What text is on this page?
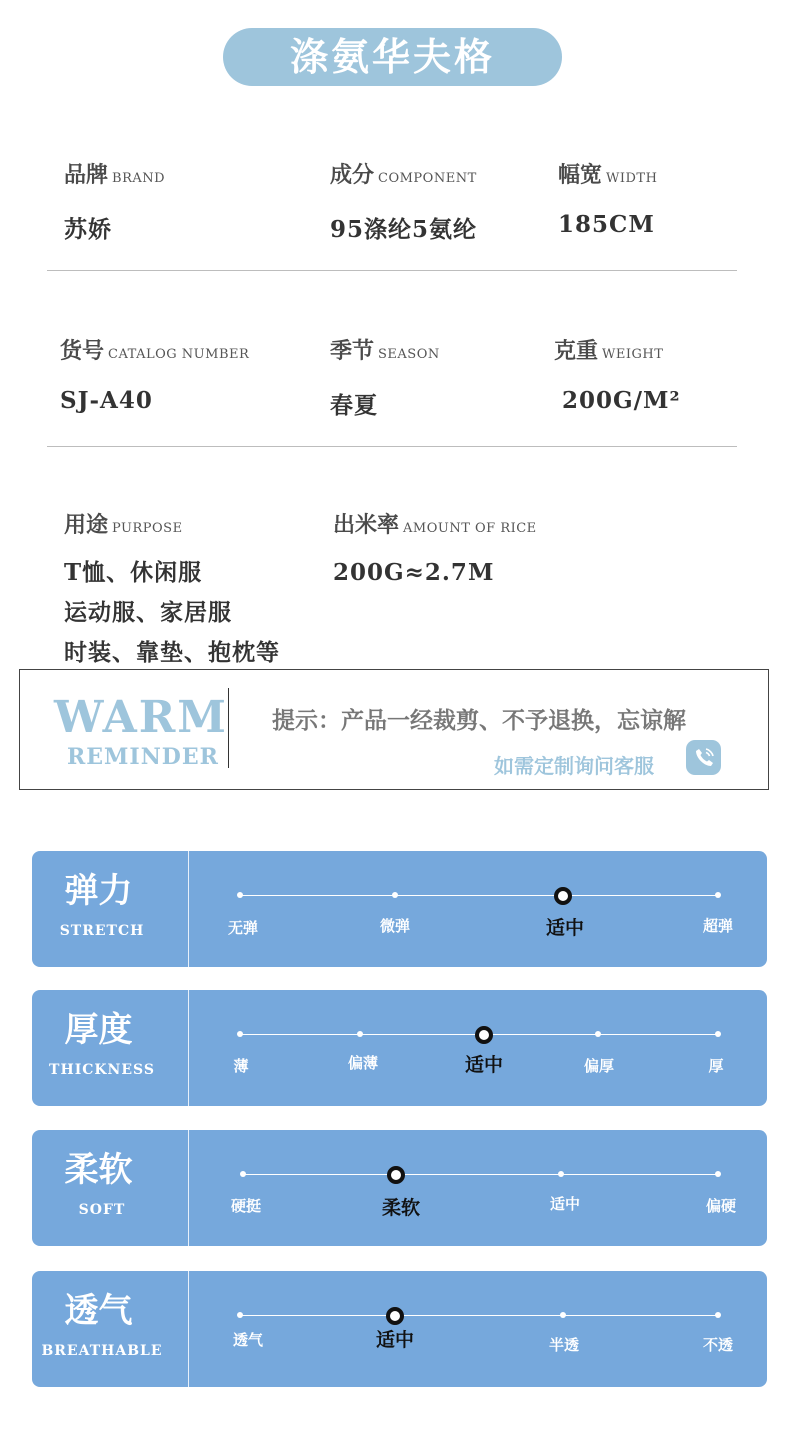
涤氨华夫格
品牌 BRAND
苏娇
成分 COMPONENT
95涤纶5氨纶
幅宽 WIDTH
185CM
货号 CATALOG NUMBER
SJ-A40
季节 SEASON
春夏
克重 WEIGHT
200G/M²
用途 PURPOSE
T恤、休闲服
运动服、家居服
时装、靠垫、抱枕等
出米率 AMOUNT OF RICE
200G≈2.7M
WARM
REMINDER
提示：产品一经裁剪、不予退换，忘谅解
如需定制询问客服
弹力
STRETCH	无弹	微弹	适中	超弹
厚度
THICKNESS	薄	偏薄	适中	偏厚	厚
柔软
SOFT	硬挺	柔软	适中	偏硬
透气
BREATHABLE
透气	适中	半透	不透
